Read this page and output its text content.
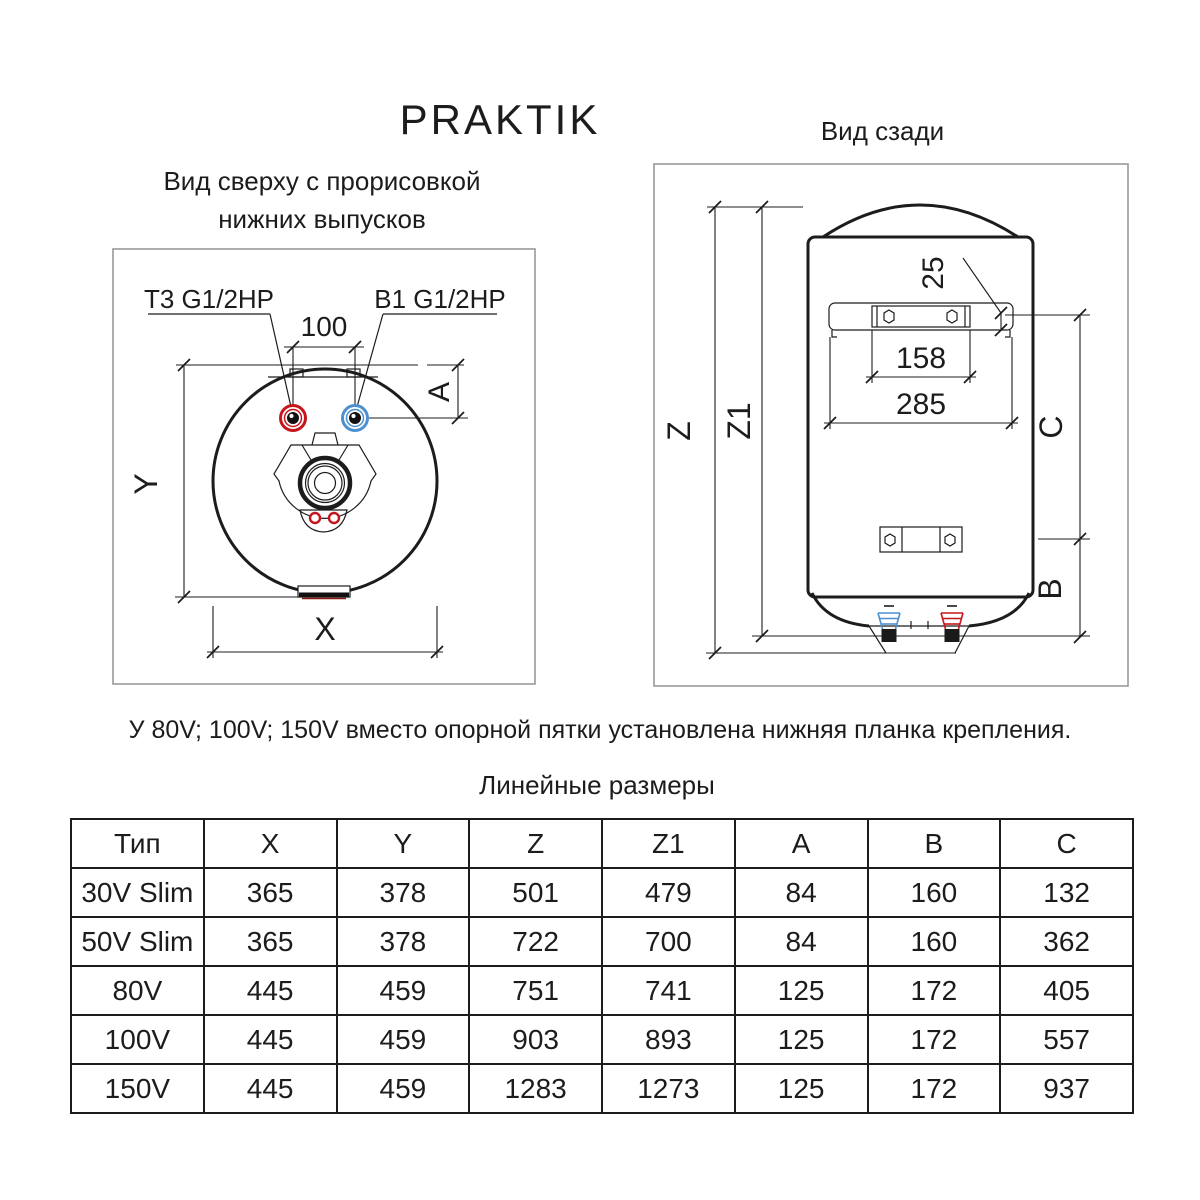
PRAKTIK	Вид сзади
Вид сверху с прорисовкой
нижних выпусков
Y
X
A
100
Т3 G1/2HP	В1 G1/2HP
25
158
285
Z Z1	C
B
У 80V; 100V; 150V вместо опорной пятки установлена нижняя планка крепления.
Линейные размеры
Тип	X	Y	Z	Z1	A	B	C
30V Slim	365	378	501	479	84	160	132
50V Slim	365	378	722	700	84	160	362
80V	445	459	751	741	125	172	405
100V	445	459	903	893	125	172	557
150V	445	459	1283	1273	125	172	937
